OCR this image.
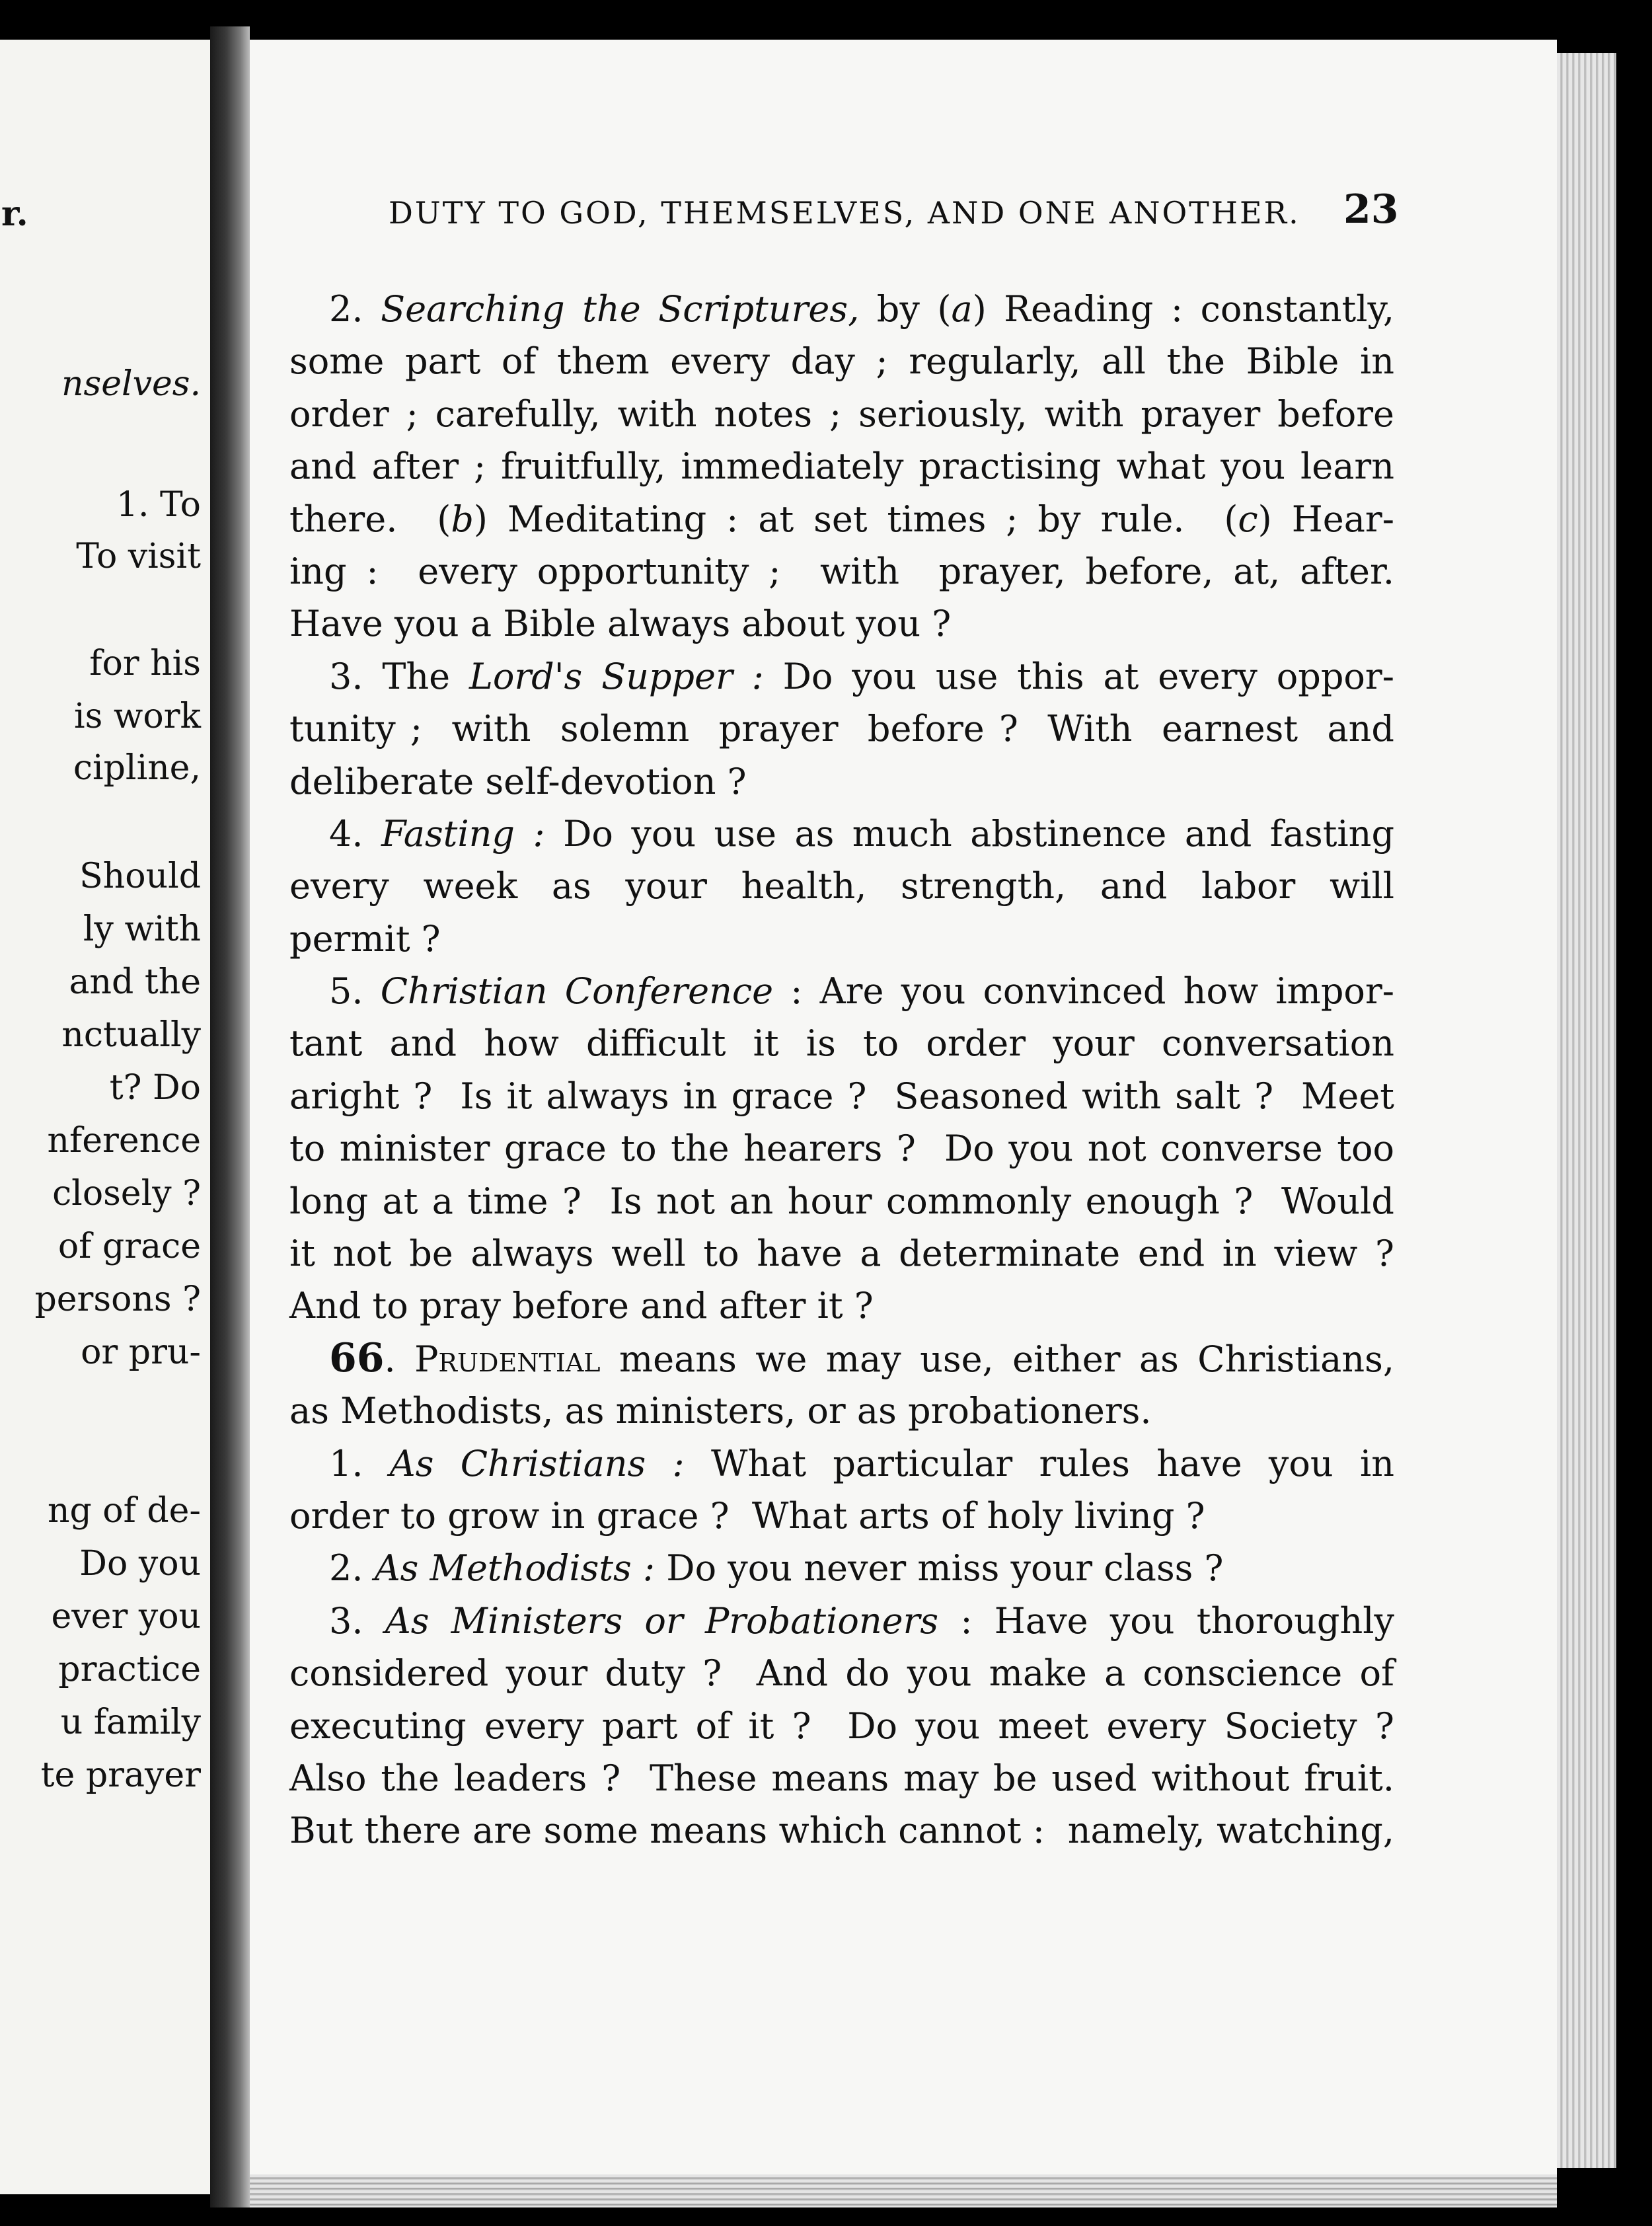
r.
nselves.
1. To
To visit
for his
is work
cipline,
Should
ly with
and the
nctually
t? Do
nference
closely ?
of grace
persons ?
or pru-
ng of de-
Do you
ever you
practice
u family
te prayer
DUTY TO GOD, THEMSELVES, AND ONE ANOTHER.	23
2. Searching the Scriptures, by (a) Reading : constantly,
some part of them every day ; regularly, all the Bible in
order ; carefully, with notes ; seriously, with prayer before
and after ; fruitfully, immediately practising what you learn
there.  (b) Meditating : at set times ; by rule.  (c) Hear-
ing :  every opportunity ;  with  prayer, before, at, after.
Have you a Bible always about you ?
3. The Lord's Supper : Do you use this at every oppor-
tunity ;  with  solemn  prayer  before ?  With  earnest  and
deliberate self-devotion ?
4. Fasting : Do you use as much abstinence and fasting
every  week  as  your  health,  strength,  and  labor  will
permit ?
5. Christian Conference : Are you convinced how impor-
tant and how difficult it is to order your conversation
aright ?  Is it always in grace ?  Seasoned with salt ?  Meet
to minister grace to the hearers ?  Do you not converse too
long at a time ?  Is not an hour commonly enough ?  Would
it not be always well to have a determinate end in view ?
And to pray before and after it ?
66. Prudential means we may use, either as Christians,
as Methodists, as ministers, or as probationers.
1. As Christians : What particular rules have you in
order to grow in grace ?  What arts of holy living ?
2. As Methodists : Do you never miss your class ?
3. As Ministers or Probationers : Have you thoroughly
considered your duty ?  And do you make a conscience of
executing every part of it ?  Do you meet every Society ?
Also the leaders ?  These means may be used without fruit.
But there are some means which cannot :  namely, watching,
